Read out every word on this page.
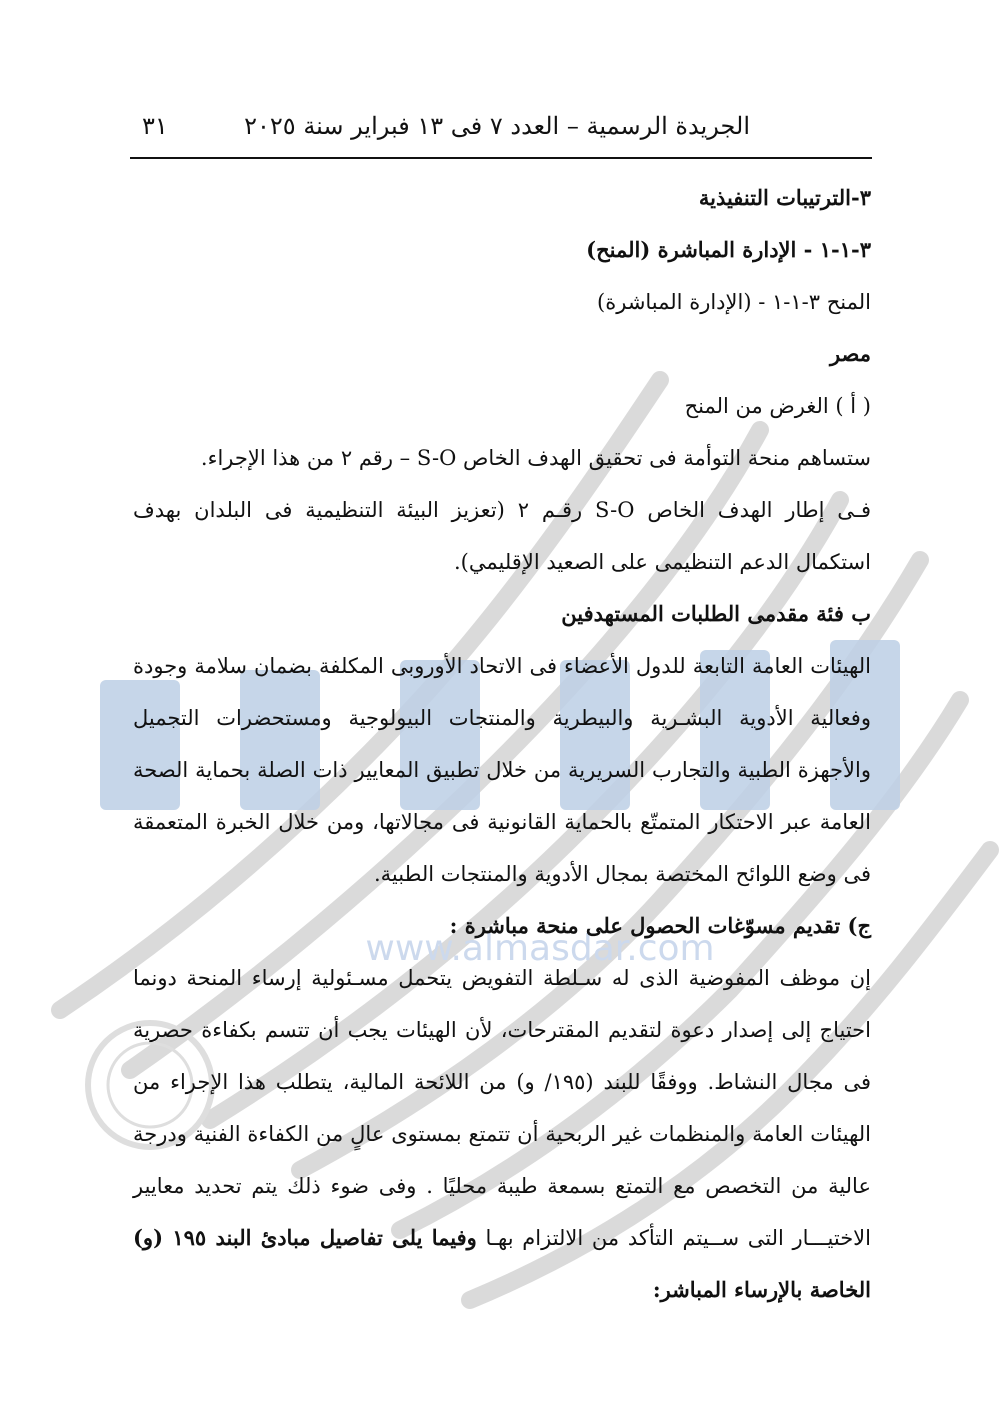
www.almasdar.com
الجريدة الرسمية – العدد ٧ فى ١٣ فبراير سنة ٢٠٢٥
٣١

٣-الترتيبات التنفيذية

٣-١-١ - الإدارة المباشرة (المنح)

المنح ٣-١-١ - (الإدارة المباشرة)

مصر

( أ ) الغرض من المنح

ستساهم منحة التوأمة فى تحقيق الهدف الخاص S-O – رقم ٢ من هذا الإجراء.

فـى إطار الهدف الخاص S-O رقـم ٢ (تعزيز البيئة التنظيمية فى البلدان بهدف استكمال الدعم التنظيمى على الصعيد الإقليمي).

ب فئة مقدمى الطلبات المستهدفين

الهيئات العامة التابعة للدول الأعضاء فى الاتحاد الأوروبى المكلفة بضمان سلامة وجودة وفعالية الأدوية البشـرية والبيطرية والمنتجات البيولوجية ومستحضرات التجميل والأجهزة الطبية والتجارب السريرية من خلال تطبيق المعايير ذات الصلة بحماية الصحة العامة عبر الاحتكار المتمتّع بالحماية القانونية فى مجالاتها، ومن خلال الخبرة المتعمقة فى وضع اللوائح المختصة بمجال الأدوية والمنتجات الطبية.

ج) تقديم مسوّغات الحصول على منحة مباشرة :

إن موظف المفوضية الذى له سـلطة التفويض يتحمل مسـئولية إرساء المنحة دونما احتياج إلى إصدار دعوة لتقديم المقترحات، لأن الهيئات يجب أن تتسم بكفاءة حصرية فى مجال النشاط. ووفقًا للبند (١٩٥/ و) من اللائحة المالية، يتطلب هذا الإجراء من الهيئات العامة والمنظمات غير الربحية أن تتمتع بمستوى عالٍ من الكفاءة الفنية ودرجة عالية من التخصص مع التمتع بسمعة طيبة محليًا . وفى ضوء ذلك يتم تحديد معايير الاختيـــار التى ســيتم التأكد من الالتزام بهـا وفيما يلى تفاصيل مبادئ البند ١٩٥ (و) الخاصة بالإرساء المباشر:
